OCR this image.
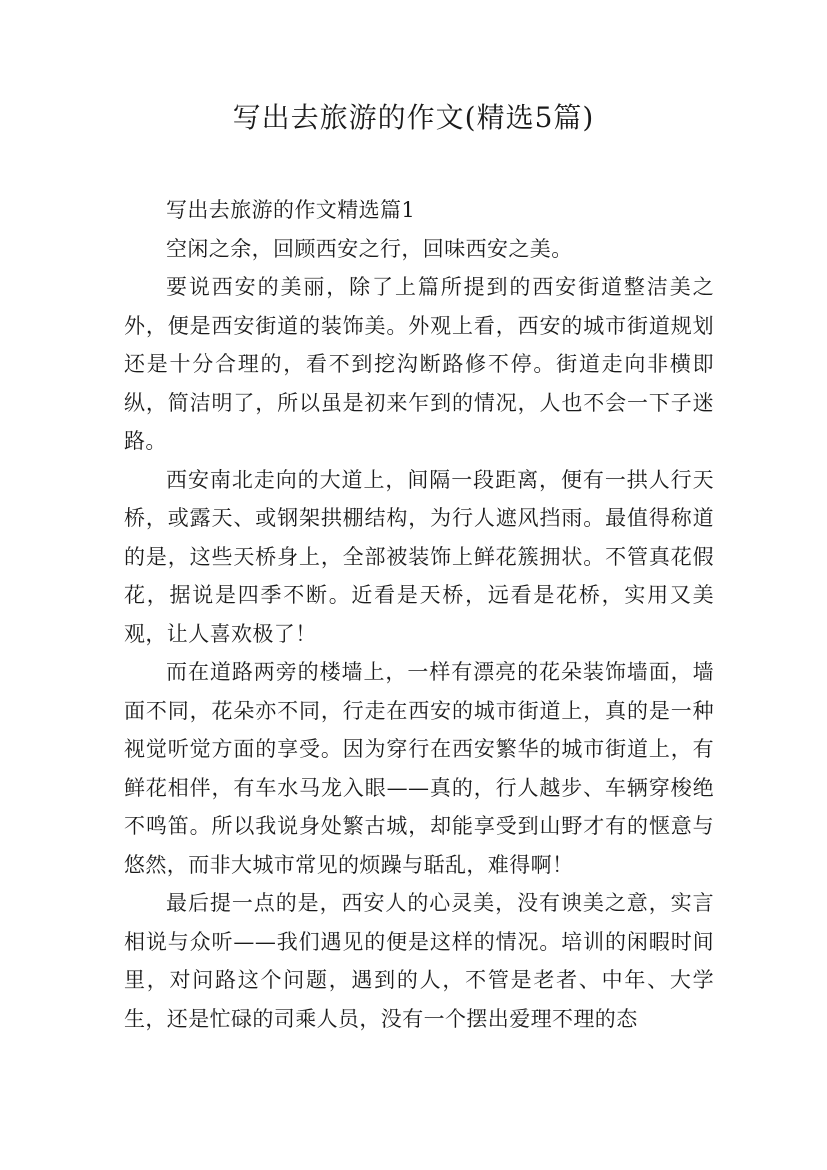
写出去旅游的作文(精选5篇)

写出去旅游的作文精选篇1

空闲之余，回顾西安之行，回味西安之美。

要说西安的美丽，除了上篇所提到的西安街道整洁美之外，便是西安街道的装饰美。外观上看，西安的城市街道规划还是十分合理的，看不到挖沟断路修不停。街道走向非横即纵，简洁明了，所以虽是初来乍到的情况，人也不会一下子迷路。

西安南北走向的大道上，间隔一段距离，便有一拱人行天桥，或露天、或钢架拱棚结构，为行人遮风挡雨。最值得称道的是，这些天桥身上，全部被装饰上鲜花簇拥状。不管真花假花，据说是四季不断。近看是天桥，远看是花桥，实用又美观，让人喜欢极了！

而在道路两旁的楼墙上，一样有漂亮的花朵装饰墙面，墙面不同，花朵亦不同，行走在西安的城市街道上，真的是一种视觉听觉方面的享受。因为穿行在西安繁华的城市街道上，有鲜花相伴，有车水马龙入眼——真的，行人越步、车辆穿梭绝不鸣笛。所以我说身处繁古城，却能享受到山野才有的惬意与悠然，而非大城市常见的烦躁与聒乱，难得啊！

最后提一点的是，西安人的心灵美，没有谀美之意，实言相说与众听——我们遇见的便是这样的情况。培训的闲暇时间里，对问路这个问题，遇到的人，不管是老者、中年、大学生，还是忙碌的司乘人员，没有一个摆出爱理不理的态
